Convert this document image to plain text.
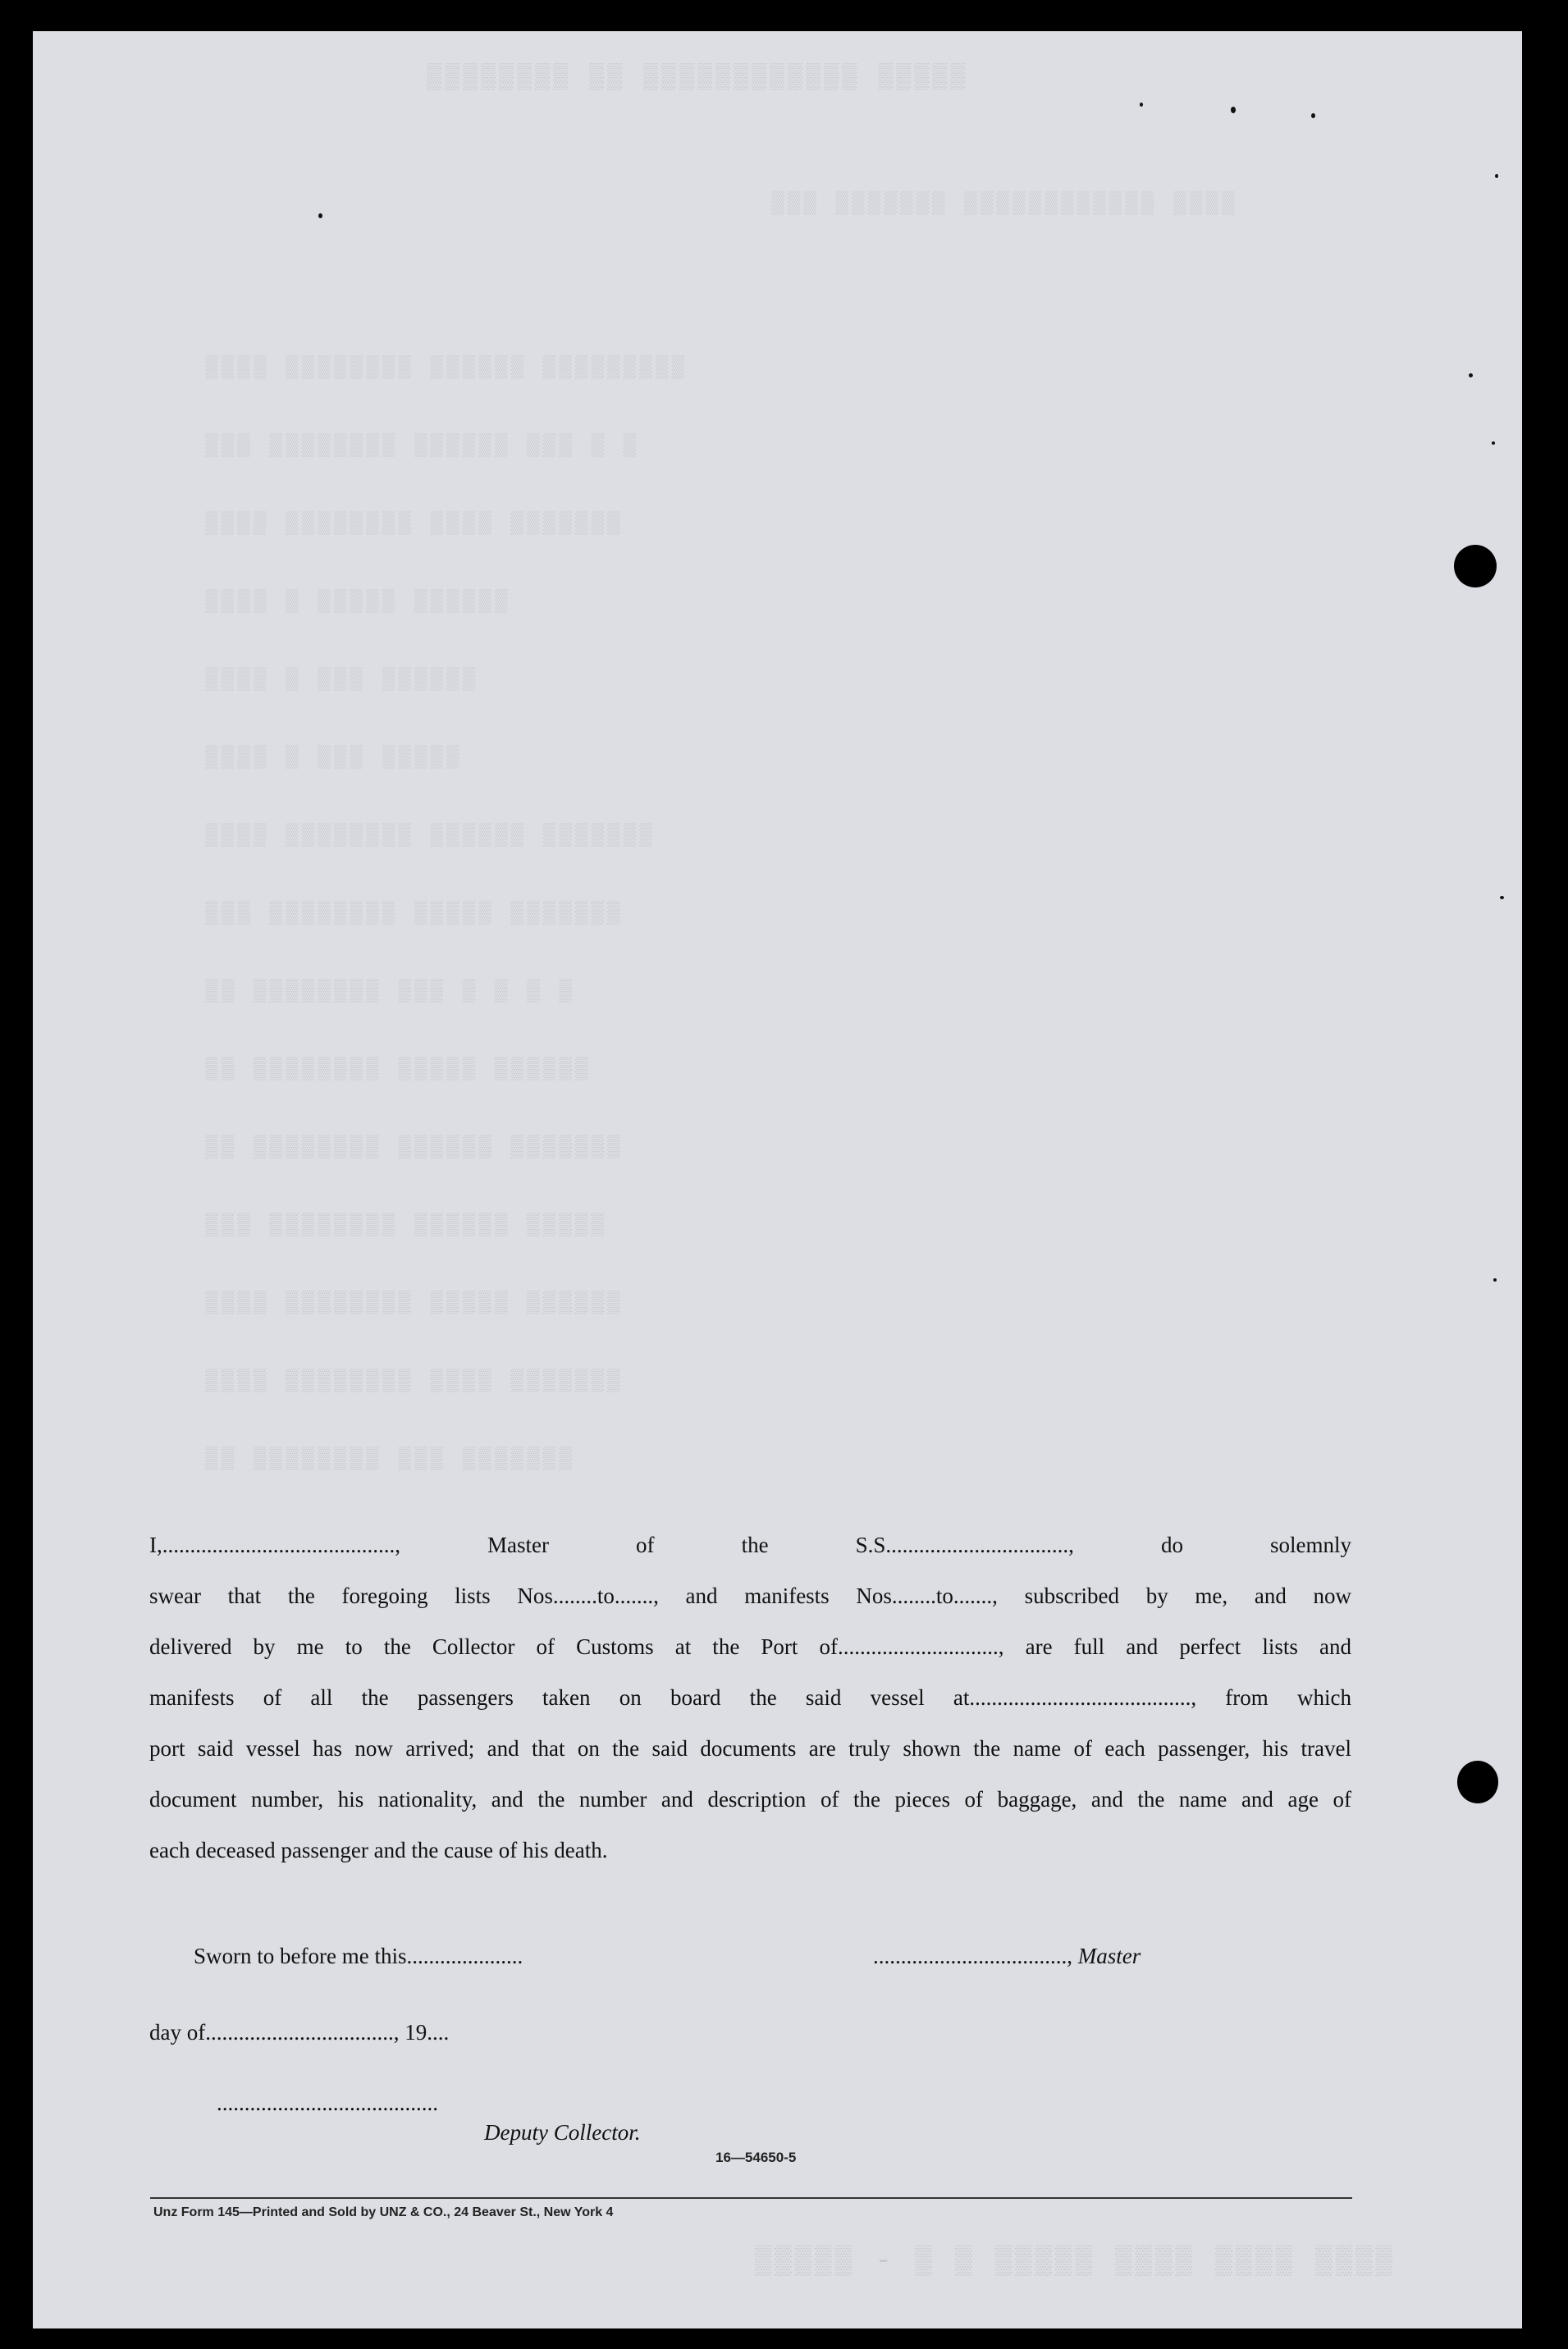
▒▒▒▒▒▒▒▒ ▒▒ ▒▒▒▒▒▒▒▒▒▒▒▒ ▒▒▒▒▒
▒▒▒ ▒▒▒▒▒▒▒ ▒▒▒▒▒▒▒▒▒▒▒▒ ▒▒▒▒
▒▒▒▒ ▒▒▒▒▒▒▒▒ ▒▒▒▒▒▒ ▒▒▒▒▒▒▒▒▒
▒▒▒ ▒▒▒▒▒▒▒▒ ▒▒▒▒▒▒ ▒▒▒ ▒ ▒
▒▒▒▒ ▒▒▒▒▒▒▒▒ ▒▒▒▒ ▒▒▒▒▒▒▒
▒▒▒▒ ▒ ▒▒▒▒▒ ▒▒▒▒▒▒
▒▒▒▒ ▒ ▒▒▒ ▒▒▒▒▒▒
▒▒▒▒ ▒ ▒▒▒ ▒▒▒▒▒
▒▒▒▒ ▒▒▒▒▒▒▒▒ ▒▒▒▒▒▒ ▒▒▒▒▒▒▒
▒▒▒ ▒▒▒▒▒▒▒▒ ▒▒▒▒▒ ▒▒▒▒▒▒▒
▒▒ ▒▒▒▒▒▒▒▒ ▒▒▒ ▒ ▒ ▒ ▒
▒▒ ▒▒▒▒▒▒▒▒ ▒▒▒▒▒ ▒▒▒▒▒▒
▒▒ ▒▒▒▒▒▒▒▒ ▒▒▒▒▒▒ ▒▒▒▒▒▒▒
▒▒▒ ▒▒▒▒▒▒▒▒ ▒▒▒▒▒▒ ▒▒▒▒▒
▒▒▒▒ ▒▒▒▒▒▒▒▒ ▒▒▒▒▒ ▒▒▒▒▒▒
▒▒▒▒ ▒▒▒▒▒▒▒▒ ▒▒▒▒ ▒▒▒▒▒▒▒
▒▒ ▒▒▒▒▒▒▒▒ ▒▒▒ ▒▒▒▒▒▒▒
▒▒▒▒▒ - ▒ ▒ ▒▒▒▒▒ ▒▒▒▒ ▒▒▒▒ ▒▒▒▒

I,.........................................., Master of the S.S................................., do solemnly

swear that the foregoing lists Nos........to......., and manifests Nos........to......., subscribed by me, and now

delivered by me to the Collector of Customs at the Port of............................., are full and perfect lists and

manifests of all the passengers taken on board the said vessel at........................................, from which

port said vessel has now arrived; and that on the said documents are truly shown the name of each passenger, his travel

document number, his nationality, and the number and description of the pieces of baggage, and the name and age of

each deceased passenger and the cause of his death.

Sworn to before me this.....................	..................................., Master
day of.................................., 19....
........................................
Deputy Collector.
16—54650-5
Unz Form 145—Printed and Sold by UNZ & CO., 24 Beaver St., New York 4
